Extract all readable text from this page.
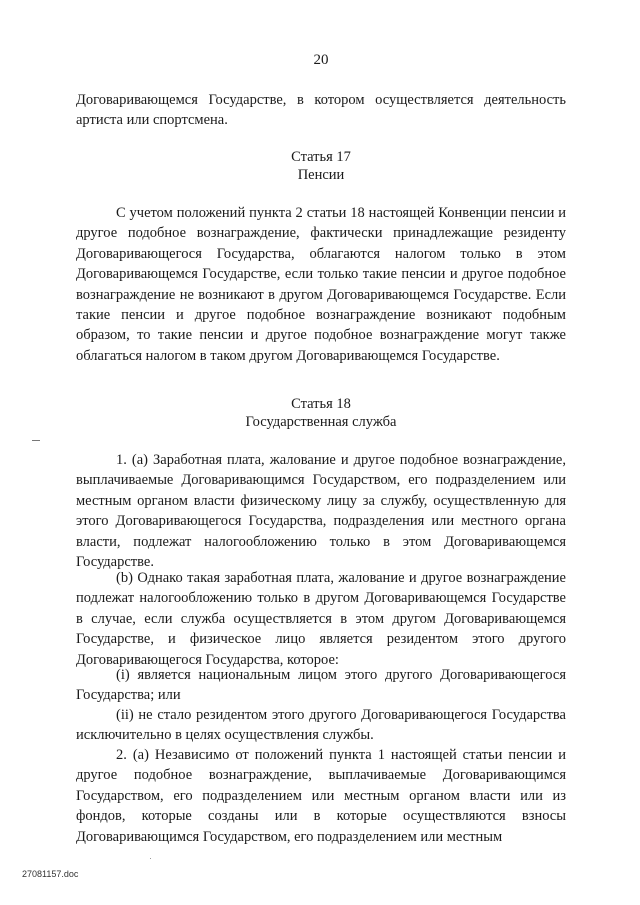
20

Договаривающемся Государстве, в котором осуществляется деятельность артиста или спортсмена.

Статья 17
Пенсии

С учетом положений пункта 2 статьи 18 настоящей Конвенции пенсии и другое подобное вознаграждение, фактически принадлежащие резиденту Договаривающегося Государства, облагаются налогом только в этом Договаривающемся Государстве, если только такие пенсии и другое подобное вознаграждение не возникают в другом Договаривающемся Государстве. Если такие пенсии и другое подобное вознаграждение возникают подобным образом, то такие пенсии и другое подобное вознаграждение могут также облагаться налогом в таком другом Договаривающемся Государстве.

Статья 18
Государственная служба

1. (a) Заработная плата, жалование и другое подобное вознаграждение, выплачиваемые Договаривающимся Государством, его подразделением или местным органом власти физическому лицу за службу, осуществленную для этого Договаривающегося Государства, подразделения или местного органа власти, подлежат налогообложению только в этом Договаривающемся Государстве.

(b) Однако такая заработная плата, жалование и другое вознаграждение подлежат налогообложению только в другом Договаривающемся Государстве в случае, если служба осуществляется в этом другом Договаривающемся Государстве, и физическое лицо является резидентом этого другого Договаривающегося Государства, которое:

(i) является национальным лицом этого другого Договаривающегося Государства; или

(ii) не стало резидентом этого другого Договаривающегося Государства исключительно в целях осуществления службы.

2. (a) Независимо от положений пункта 1 настоящей статьи пенсии и другое подобное вознаграждение, выплачиваемые Договаривающимся Государством, его подразделением или местным органом власти или из фондов, которые созданы или в которые осуществляются взносы Договаривающимся Государством, его подразделением или местным

27081157.doc
